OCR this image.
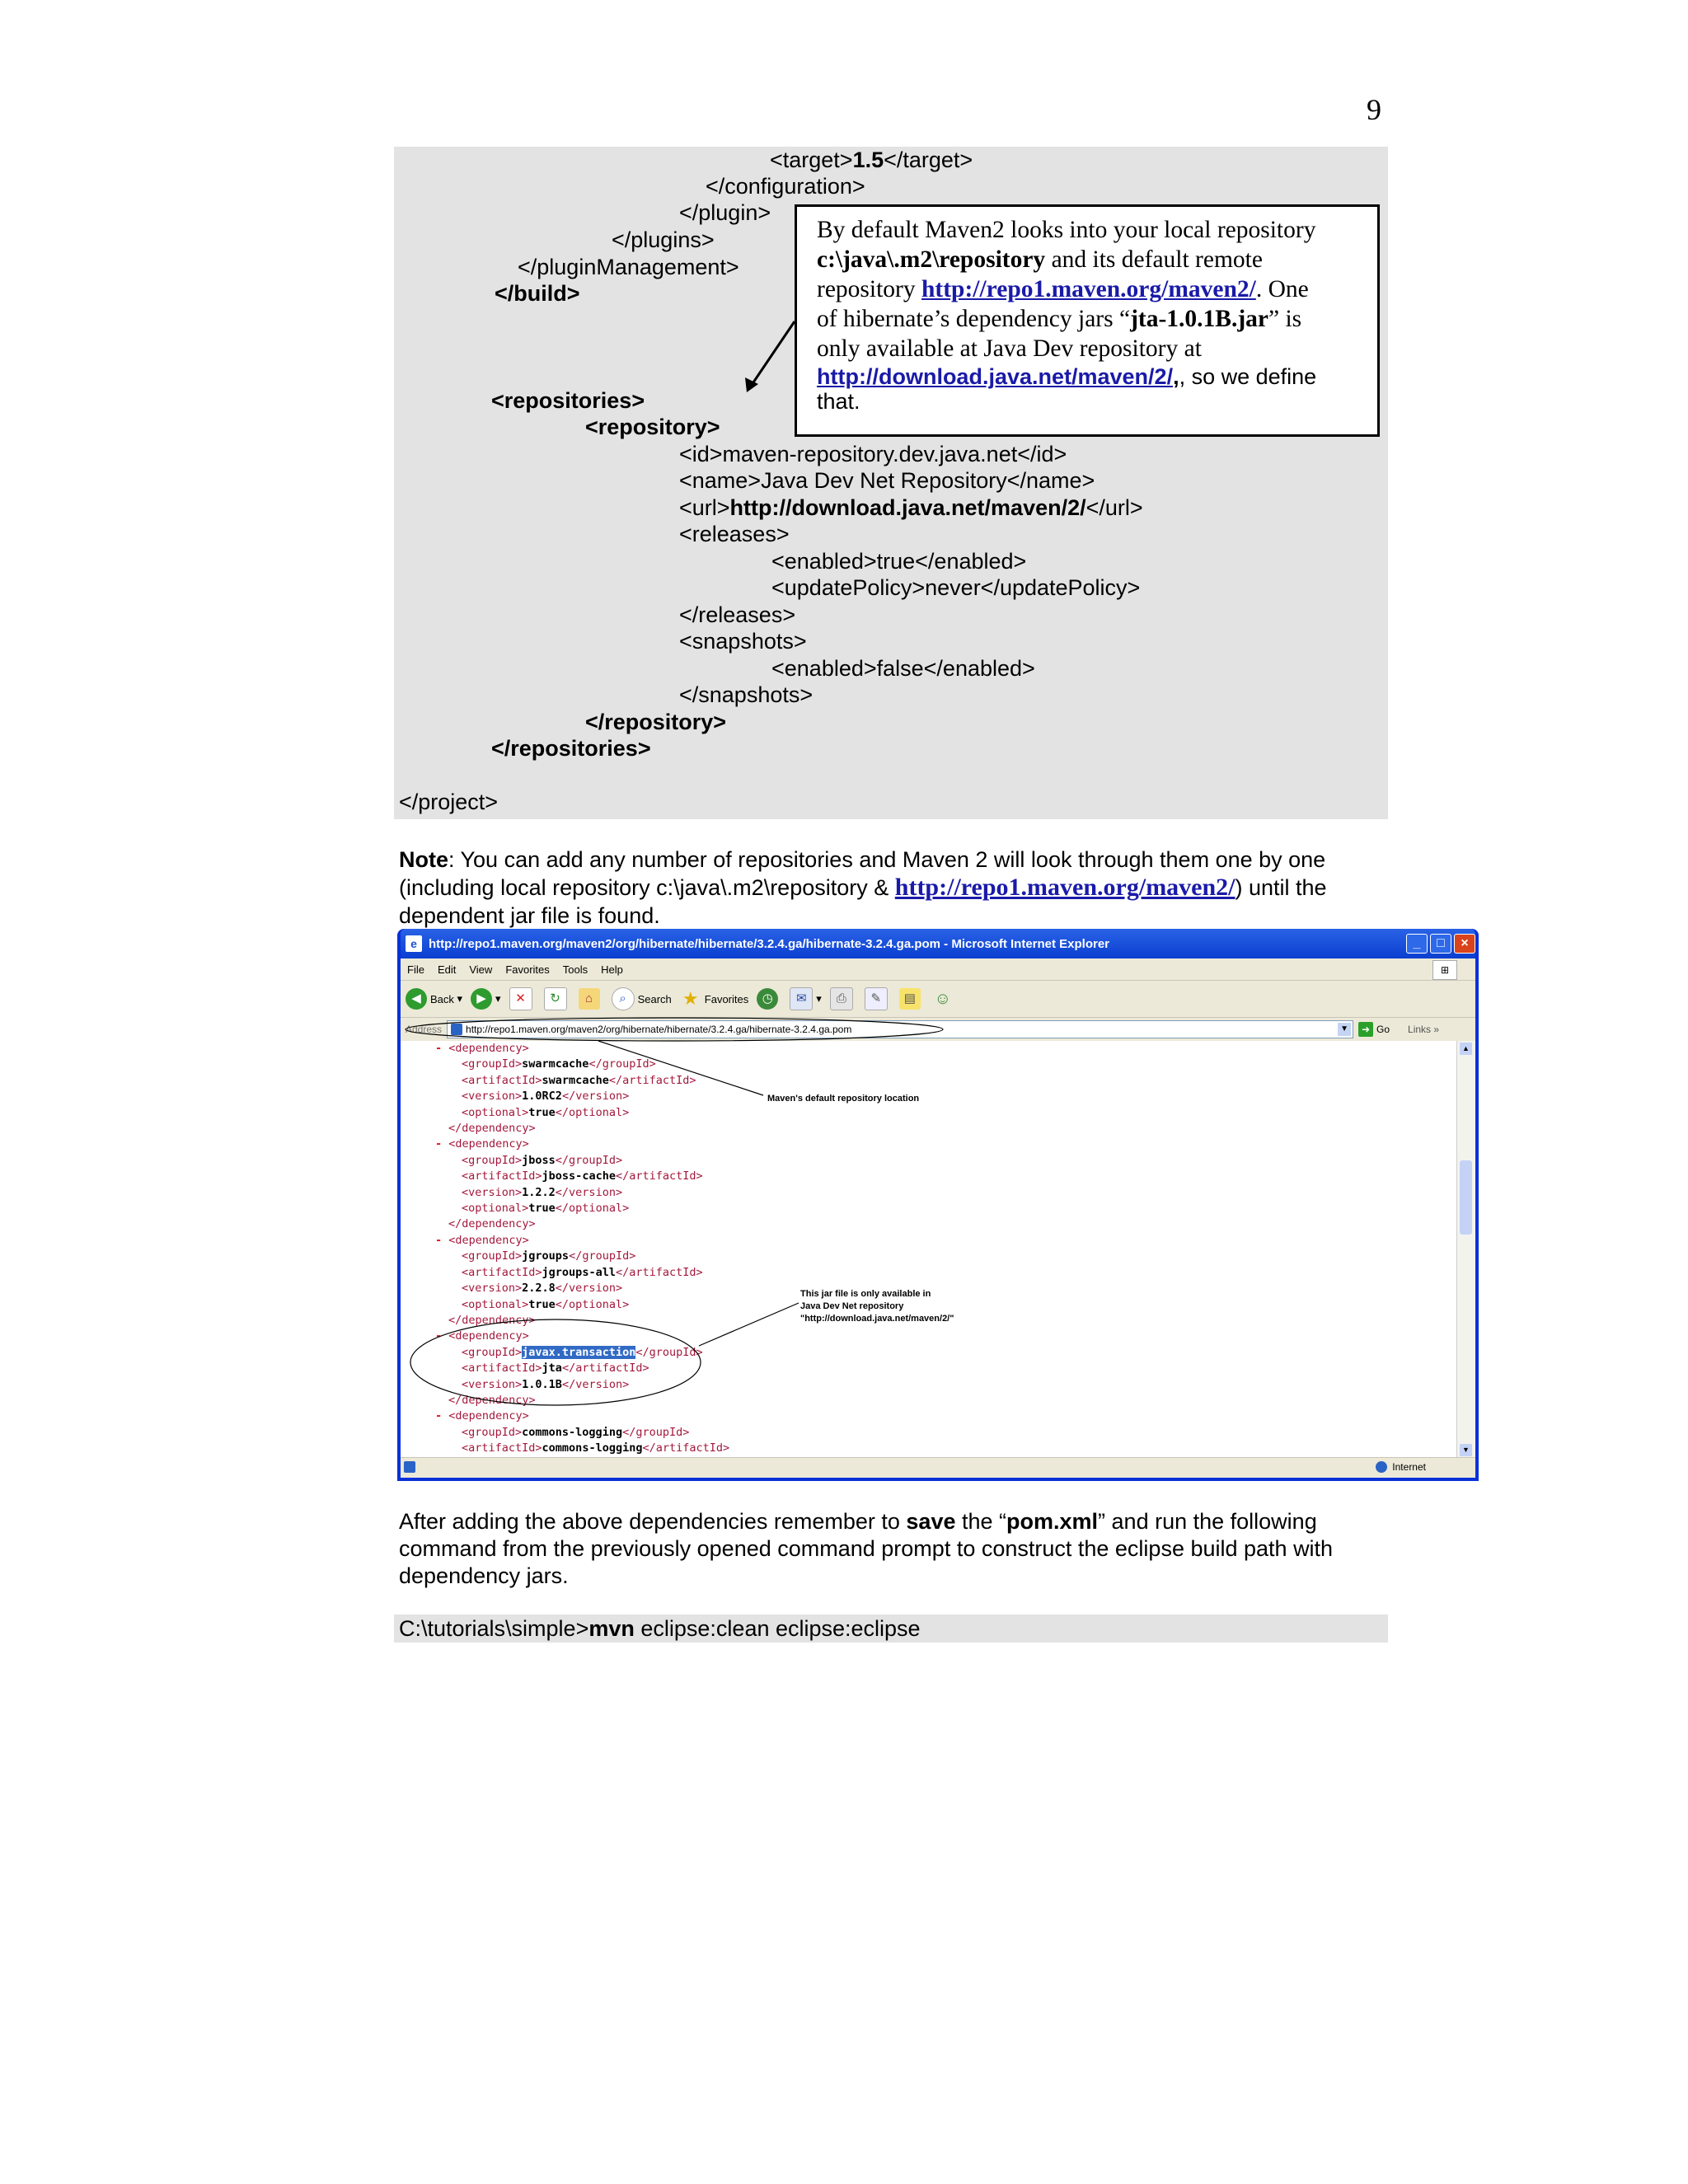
9
<target>1.5</target>
</configuration>
</plugin>
</plugins>
</pluginManagement>
</build>
<repositories>
<repository>
<id>maven-repository.dev.java.net</id>
<name>Java Dev Net Repository</name>
<url>http://download.java.net/maven/2/</url>
<releases>
<enabled>true</enabled>
<updatePolicy>never</updatePolicy>
</releases>
<snapshots>
<enabled>false</enabled>
</snapshots>
</repository>
</repositories>
</project>
By default Maven2 looks into your local repository
c:\java\.m2\repository and its default remote
repository http://repo1.maven.org/maven2/. One
of hibernate’s dependency jars “jta-1.0.1B.jar” is
only available at Java Dev repository at
http://download.java.net/maven/2/,, so we define
that.
Note: You can add any number of repositories and Maven 2 will look through them one by one
(including local repository c:\java\.m2\repository & http://repo1.maven.org/maven2/) until the
dependent jar file is found.
e http://repo1.maven.org/maven2/org/hibernate/hibernate/3.2.4.ga/hibernate-3.2.4.ga.pom - Microsoft Internet Explorer	_	□	×
File Edit View Favorites Tools Help	⊞
◀ Back ▾	▶ ▾	✕	↻	⌂	⌕	Search ★ Favorites	◷	✉ ▾	⎙	✎	▤ ☺
Address http://repo1.maven.org/maven2/org/hibernate/hibernate/3.2.4.ga/hibernate-3.2.4.ga.pom	▼	➜ Go Links »
- <dependency>
<groupId>swarmcache</groupId>
<artifactId>swarmcache</artifactId>
<version>1.0RC2</version>
<optional>true</optional>
</dependency>
- <dependency>
<groupId>jboss</groupId>
<artifactId>jboss-cache</artifactId>
<version>1.2.2</version>
<optional>true</optional>
</dependency>
- <dependency>
<groupId>jgroups</groupId>
<artifactId>jgroups-all</artifactId>
<version>2.2.8</version>
<optional>true</optional>
</dependency>
- <dependency>
<groupId>javax.transaction</groupId>
<artifactId>jta</artifactId>
<version>1.0.1B</version>
</dependency>
- <dependency>
<groupId>commons-logging</groupId>
<artifactId>commons-logging</artifactId>
Maven's default repository location
This jar file is only available in
Java Dev Net repository
"http://download.java.net/maven/2/"
▲
▼
Internet
After adding the above dependencies remember to save the “pom.xml” and run the following
command from the previously opened command prompt to construct the eclipse build path with
dependency jars.
C:\tutorials\simple>mvn eclipse:clean eclipse:eclipse
